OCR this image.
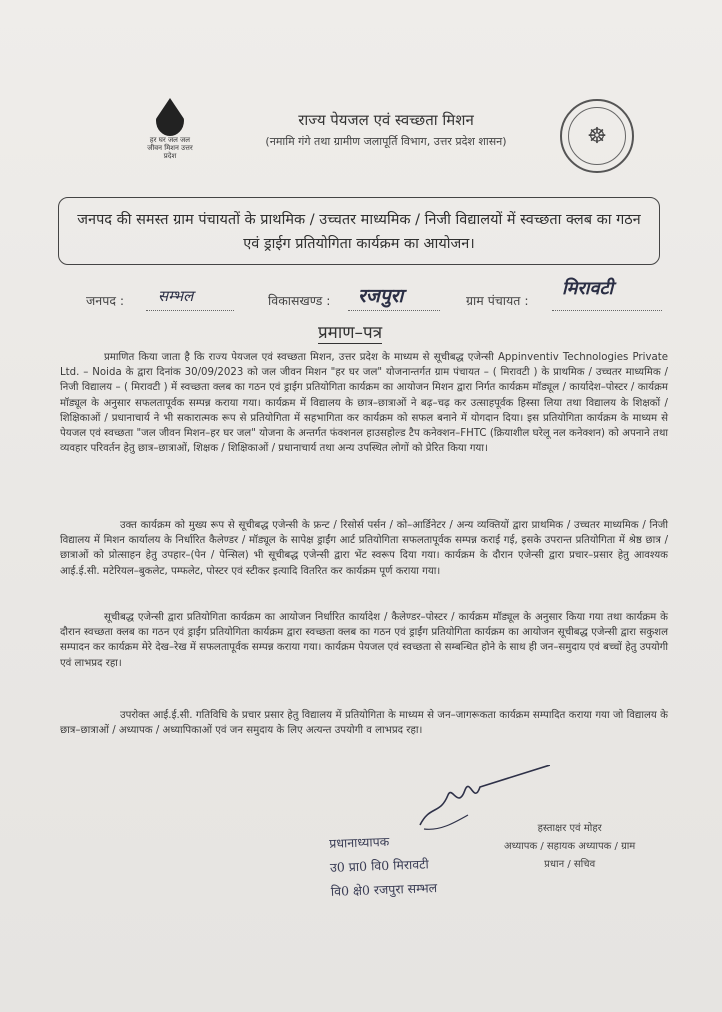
हर घर जल जल जीवन मिशन उत्तर प्रदेश
राज्य पेयजल एवं स्वच्छता मिशन
(नमामि गंगे तथा ग्रामीण जलापूर्ति विभाग, उत्तर प्रदेश शासन)	☸
जनपद की समस्त ग्राम पंचायतों के प्राथमिक / उच्चतर माध्यमिक / निजी विद्यालयों में स्वच्छता क्लब का गठन एवं ड्राईग प्रतियोगिता कार्यक्रम का आयोजन।
जनपद : सम्भल	विकासखण्ड : रजपुरा	ग्राम पंचायत :
मिरावटी
प्रमाण–पत्र
प्रमाणित किया जाता है कि राज्य पेयजल एवं स्वच्छता मिशन, उत्तर प्रदेश के माध्यम से सूचीबद्ध एजेन्सी Appinventiv Technologies Private Ltd. – Noida के द्वारा दिनांक 30/09/2023 को जल जीवन मिशन "हर घर जल" योजनान्तर्गत ग्राम पंचायत – ( मिरावटी ) के प्राथमिक / उच्चतर माध्यमिक / निजी विद्यालय – ( मिरावटी ) में स्वच्छता क्लब का गठन एवं ड्राईग प्रतियोगिता कार्यक्रम का आयोजन मिशन द्वारा निर्गत कार्यक्रम मॉड्यूल / कार्यादेश–पोस्टर / कार्यक्रम मॉड्यूल के अनुसार सफलतापूर्वक सम्पन्न कराया गया। कार्यक्रम में विद्यालय के छात्र–छात्राओं ने बढ़–चढ़ कर उत्साहपूर्वक हिस्सा लिया तथा विद्यालय के शिक्षकों / शिक्षिकाओं / प्रधानाचार्य ने भी सकारात्मक रूप से प्रतियोगिता में सहभागिता कर कार्यक्रम को सफल बनाने में योगदान दिया। इस प्रतियोगिता कार्यक्रम के माध्यम से पेयजल एवं स्वच्छता "जल जीवन मिशन–हर घर जल" योजना के अन्तर्गत फंक्शनल हाउसहोल्ड टैप कनेक्शन–FHTC (क्रियाशील घरेलू नल कनेक्शन) को अपनाने तथा व्यवहार परिवर्तन हेतु छात्र–छात्राओं, शिक्षक / शिक्षिकाओं / प्रधानाचार्य तथा अन्य उपस्थित लोगों को प्रेरित किया गया।
उक्त कार्यक्रम को मुख्य रूप से सूचीबद्ध एजेन्सी के फ्रन्ट / रिसोर्स पर्सन / को–आर्डिनेटर / अन्य व्यक्तियों द्वारा प्राथमिक / उच्चतर माध्यमिक / निजी विद्यालय में मिशन कार्यालय के निर्धारित कैलेण्डर / मॉड्यूल के सापेक्ष ड्राईंग आर्ट प्रतियोगिता सफलतापूर्वक सम्पन्न कराई गई, इसके उपरान्त प्रतियोगिता में श्रेष्ठ छात्र / छात्राओं को प्रोत्साहन हेतु उपहार–(पेन / पेन्सिल) भी सूचीबद्ध एजेन्सी द्वारा भेंट स्वरूप दिया गया। कार्यक्रम के दौरान एजेन्सी द्वारा प्रचार–प्रसार हेतु आवश्यक आई.ई.सी. मटेरियल–बुकलेट, पम्फलेट, पोस्टर एवं स्टीकर इत्यादि वितरित कर कार्यक्रम पूर्ण कराया गया।
सूचीबद्ध एजेन्सी द्वारा प्रतियोगिता कार्यक्रम का आयोजन निर्धारित कार्यादेश / कैलेण्डर–पोस्टर / कार्यक्रम मॉड्यूल के अनुसार किया गया तथा कार्यक्रम के दौरान स्वच्छता क्लब का गठन एवं ड्राईंग प्रतियोगिता कार्यक्रम द्वारा स्वच्छता क्लब का गठन एवं ड्राईंग प्रतियोगिता कार्यक्रम का आयोजन सूचीबद्ध एजेन्सी द्वारा सकुशल सम्पादन कर कार्यक्रम मेरे देख–रेख में सफलतापूर्वक सम्पन्न कराया गया। कार्यक्रम पेयजल एवं स्वच्छता से सम्बन्धित होने के साथ ही जन–समुदाय एवं बच्चों हेतु उपयोगी एवं लाभप्रद रहा।
उपरोक्त आई.ई.सी. गतिविधि के प्रचार प्रसार हेतु विद्यालय में प्रतियोगिता के माध्यम से जन–जागरूकता कार्यक्रम सम्पादित कराया गया जो विद्यालय के छात्र–छात्राओं / अध्यापक / अध्यापिकाओं एवं जन समुदाय के लिए अत्यन्त उपयोगी व लाभप्रद रहा।
प्रधानाध्यापक
उ0 प्रा0 वि0 मिरावटी
वि0 क्षे0 रजपुरा सम्भल
हस्ताक्षर एवं मोहर
अध्यापक / सहायक अध्यापक / ग्राम
प्रधान / सचिव
